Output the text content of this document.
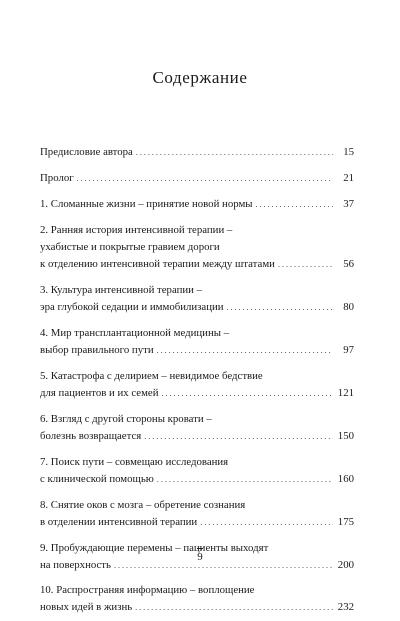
Содержание
Предисловие автора . . .	15
Пролог . . .	21
1. Сломанные жизни – принятие новой нормы . . .	37
2. Ранняя история интенсивной терапии –
ухабистые и покрытые гравием дороги
к отделению интенсивной терапии между штатами . . .	56
3. Культура интенсивной терапии –
эра глубокой седации и иммобилизации . . .	80
4. Мир трансплантационной медицины –
выбор правильного пути . . .	97
5. Катастрофа с делирием – невидимое бедствие
для пациентов и их семей . . .	121
6. Взгляд с другой стороны кровати –
болезнь возвращается . . .	150
7. Поиск пути – совмещаю исследования
с клинической помощью . . .	160
8. Снятие оков с мозга – обретение сознания
в отделении интенсивной терапии . . .	175
9. Пробуждающие перемены – пациенты выходят
на поверхность . . .	200
10. Распространяя информацию – воплощение
новых идей в жизнь . . .	232
9
